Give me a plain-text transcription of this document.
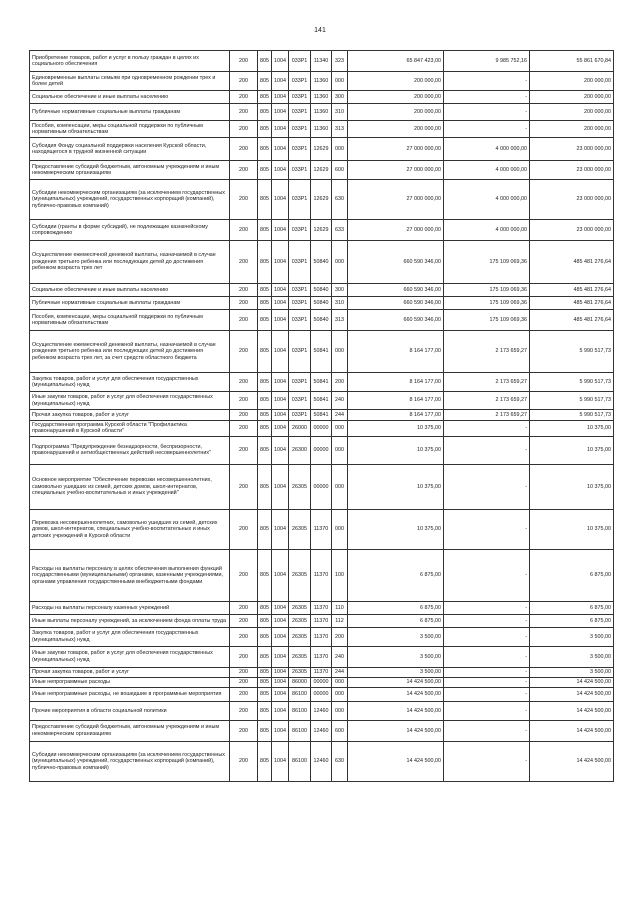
141
Приобретение товаров, работ и услуг в пользу граждан в целях их социального обеспечения	200	805	1004	033P1	11340	323	65 847 423,00	9 985 752,16	55 861 670,84
Единовременные выплаты семьям при одновременном рождении трех и более детей	200	805	1004	033P1	11360	000	200 000,00	-	200 000,00
Социальное обеспечение и иные выплаты населению	200	805	1004	033P1	11360	300	200 000,00	-	200 000,00
Публичные нормативные социальные выплаты гражданам	200	805	1004	033P1	11360	310	200 000,00	-	200 000,00
Пособия, компенсации, меры социальной поддержки по публичным нормативным обязательствам	200	805	1004	033P1	11360	313	200 000,00	-	200 000,00
Субсидия Фонду социальной поддержки населения Курской области, находящегося в трудной жизненной ситуации	200	805	1004	033P1	12629	000	27 000 000,00	4 000 000,00	23 000 000,00
Предоставление субсидий бюджетным, автономным учреждениям и иным некоммерческим организациям	200	805	1004	033P1	12629	600	27 000 000,00	4 000 000,00	23 000 000,00
Субсидии некоммерческим организациям (за исключением государственных (муниципальных) учреждений, государственных корпораций (компаний), публично-правовых компаний)	200	805	1004	033P1	12629	630	27 000 000,00	4 000 000,00	23 000 000,00
Субсидии (гранты в форме субсидий), не подлежащие казначейскому сопровождению	200	805	1004	033P1	12629	633	27 000 000,00	4 000 000,00	23 000 000,00
Осуществление ежемесячной денежной выплаты, назначаемой в случае рождения третьего ребенка или последующих детей до достижения ребенком возраста трех лет	200	805	1004	033P1	50840	000	660 590 346,00	175 109 069,36	485 481 276,64
Социальное обеспечение и иные выплаты населению	200	805	1004	033P1	50840	300	660 590 346,00	175 109 069,36	485 481 276,64
Публичные нормативные социальные выплаты гражданам	200	805	1004	033P1	50840	310	660 590 346,00	175 109 069,36	485 481 276,64
Пособия, компенсации, меры социальной поддержки по публичным нормативным обязательствам	200	805	1004	033P1	50840	313	660 590 346,00	175 109 069,36	485 481 276,64
Осуществление ежемесячной денежной выплаты, назначаемой в случае рождения третьего ребенка или последующих детей до достижения ребенком возраста трех лет, за счет средств областного бюджета	200	805	1004	033P1	50841	000	8 164 177,00	2 173 659,27	5 990 517,73
Закупка товаров, работ и услуг для обеспечения государственных (муниципальных) нужд	200	805	1004	033P1	50841	200	8 164 177,00	2 173 659,27	5 990 517,73
Иные закупки товаров, работ и услуг для обеспечения государственных (муниципальных) нужд	200	805	1004	033P1	50841	240	8 164 177,00	2 173 659,27	5 990 517,73
Прочая закупка товаров, работ и услуг	200	805	1004	033P1	50841	244	8 164 177,00	2 173 659,27	5 990 517,73
Государственная программа Курской области "Профилактика правонарушений в Курской области"	200	805	1004	26000	00000	000	10 375,00	-	10 375,00
Подпрограмма "Предупреждение безнадзорности, беспризорности, правонарушений и антиобщественных действий несовершеннолетних"	200	805	1004	26300	00000	000	10 375,00	-	10 375,00
Основное мероприятие "Обеспечение перевозки несовершеннолетних, самовольно ушедших из семей, детских домов, школ-интернатов, специальных учебно-воспитательных и иных учреждений"	200	805	1004	26305	00000	000	10 375,00	-	10 375,00
Перевозка несовершеннолетних, самовольно ушедших из семей, детских домов, школ-интернатов, специальных учебно-воспитательных и иных детских учреждений в Курской области	200	805	1004	26305	11370	000	10 375,00	-	10 375,00
Расходы на выплаты персоналу в целях обеспечения выполнения функций государственными (муниципальными) органами, казенными учреждениями, органами управления государственными внебюджетными фондами	200	805	1004	26305	11370	100	6 875,00	-	6 875,00
Расходы на выплаты персоналу казенных учреждений	200	805	1004	26305	11370	110	6 875,00	-	6 875,00
Иные выплаты персоналу учреждений, за исключением фонда оплаты труда	200	805	1004	26305	11370	112	6 875,00	-	6 875,00
Закупка товаров, работ и услуг для обеспечения государственных (муниципальных) нужд	200	805	1004	26305	11370	200	3 500,00	-	3 500,00
Иные закупки товаров, работ и услуг для обеспечения государственных (муниципальных) нужд	200	805	1004	26305	11370	240	3 500,00	-	3 500,00
Прочая закупка товаров, работ и услуг	200	805	1004	26305	11370	244	3 500,00	-	3 500,00
Иные непрограммные расходы	200	805	1004	86000	00000	000	14 424 500,00	-	14 424 500,00
Иные непрограммные расходы, не вошедшие в программные мероприятия	200	805	1004	86100	00000	000	14 424 500,00	-	14 424 500,00
Прочие мероприятия в области социальной политики	200	805	1004	86100	12460	000	14 424 500,00	-	14 424 500,00
Предоставление субсидий бюджетным, автономным учреждениям и иным некоммерческим организациям	200	805	1004	86100	12460	600	14 424 500,00	-	14 424 500,00
Субсидии некоммерческим организациям (за исключением государственных (муниципальных) учреждений, государственных корпораций (компаний), публично-правовых компаний)	200	805	1004	86100	12460	630	14 424 500,00	-	14 424 500,00
